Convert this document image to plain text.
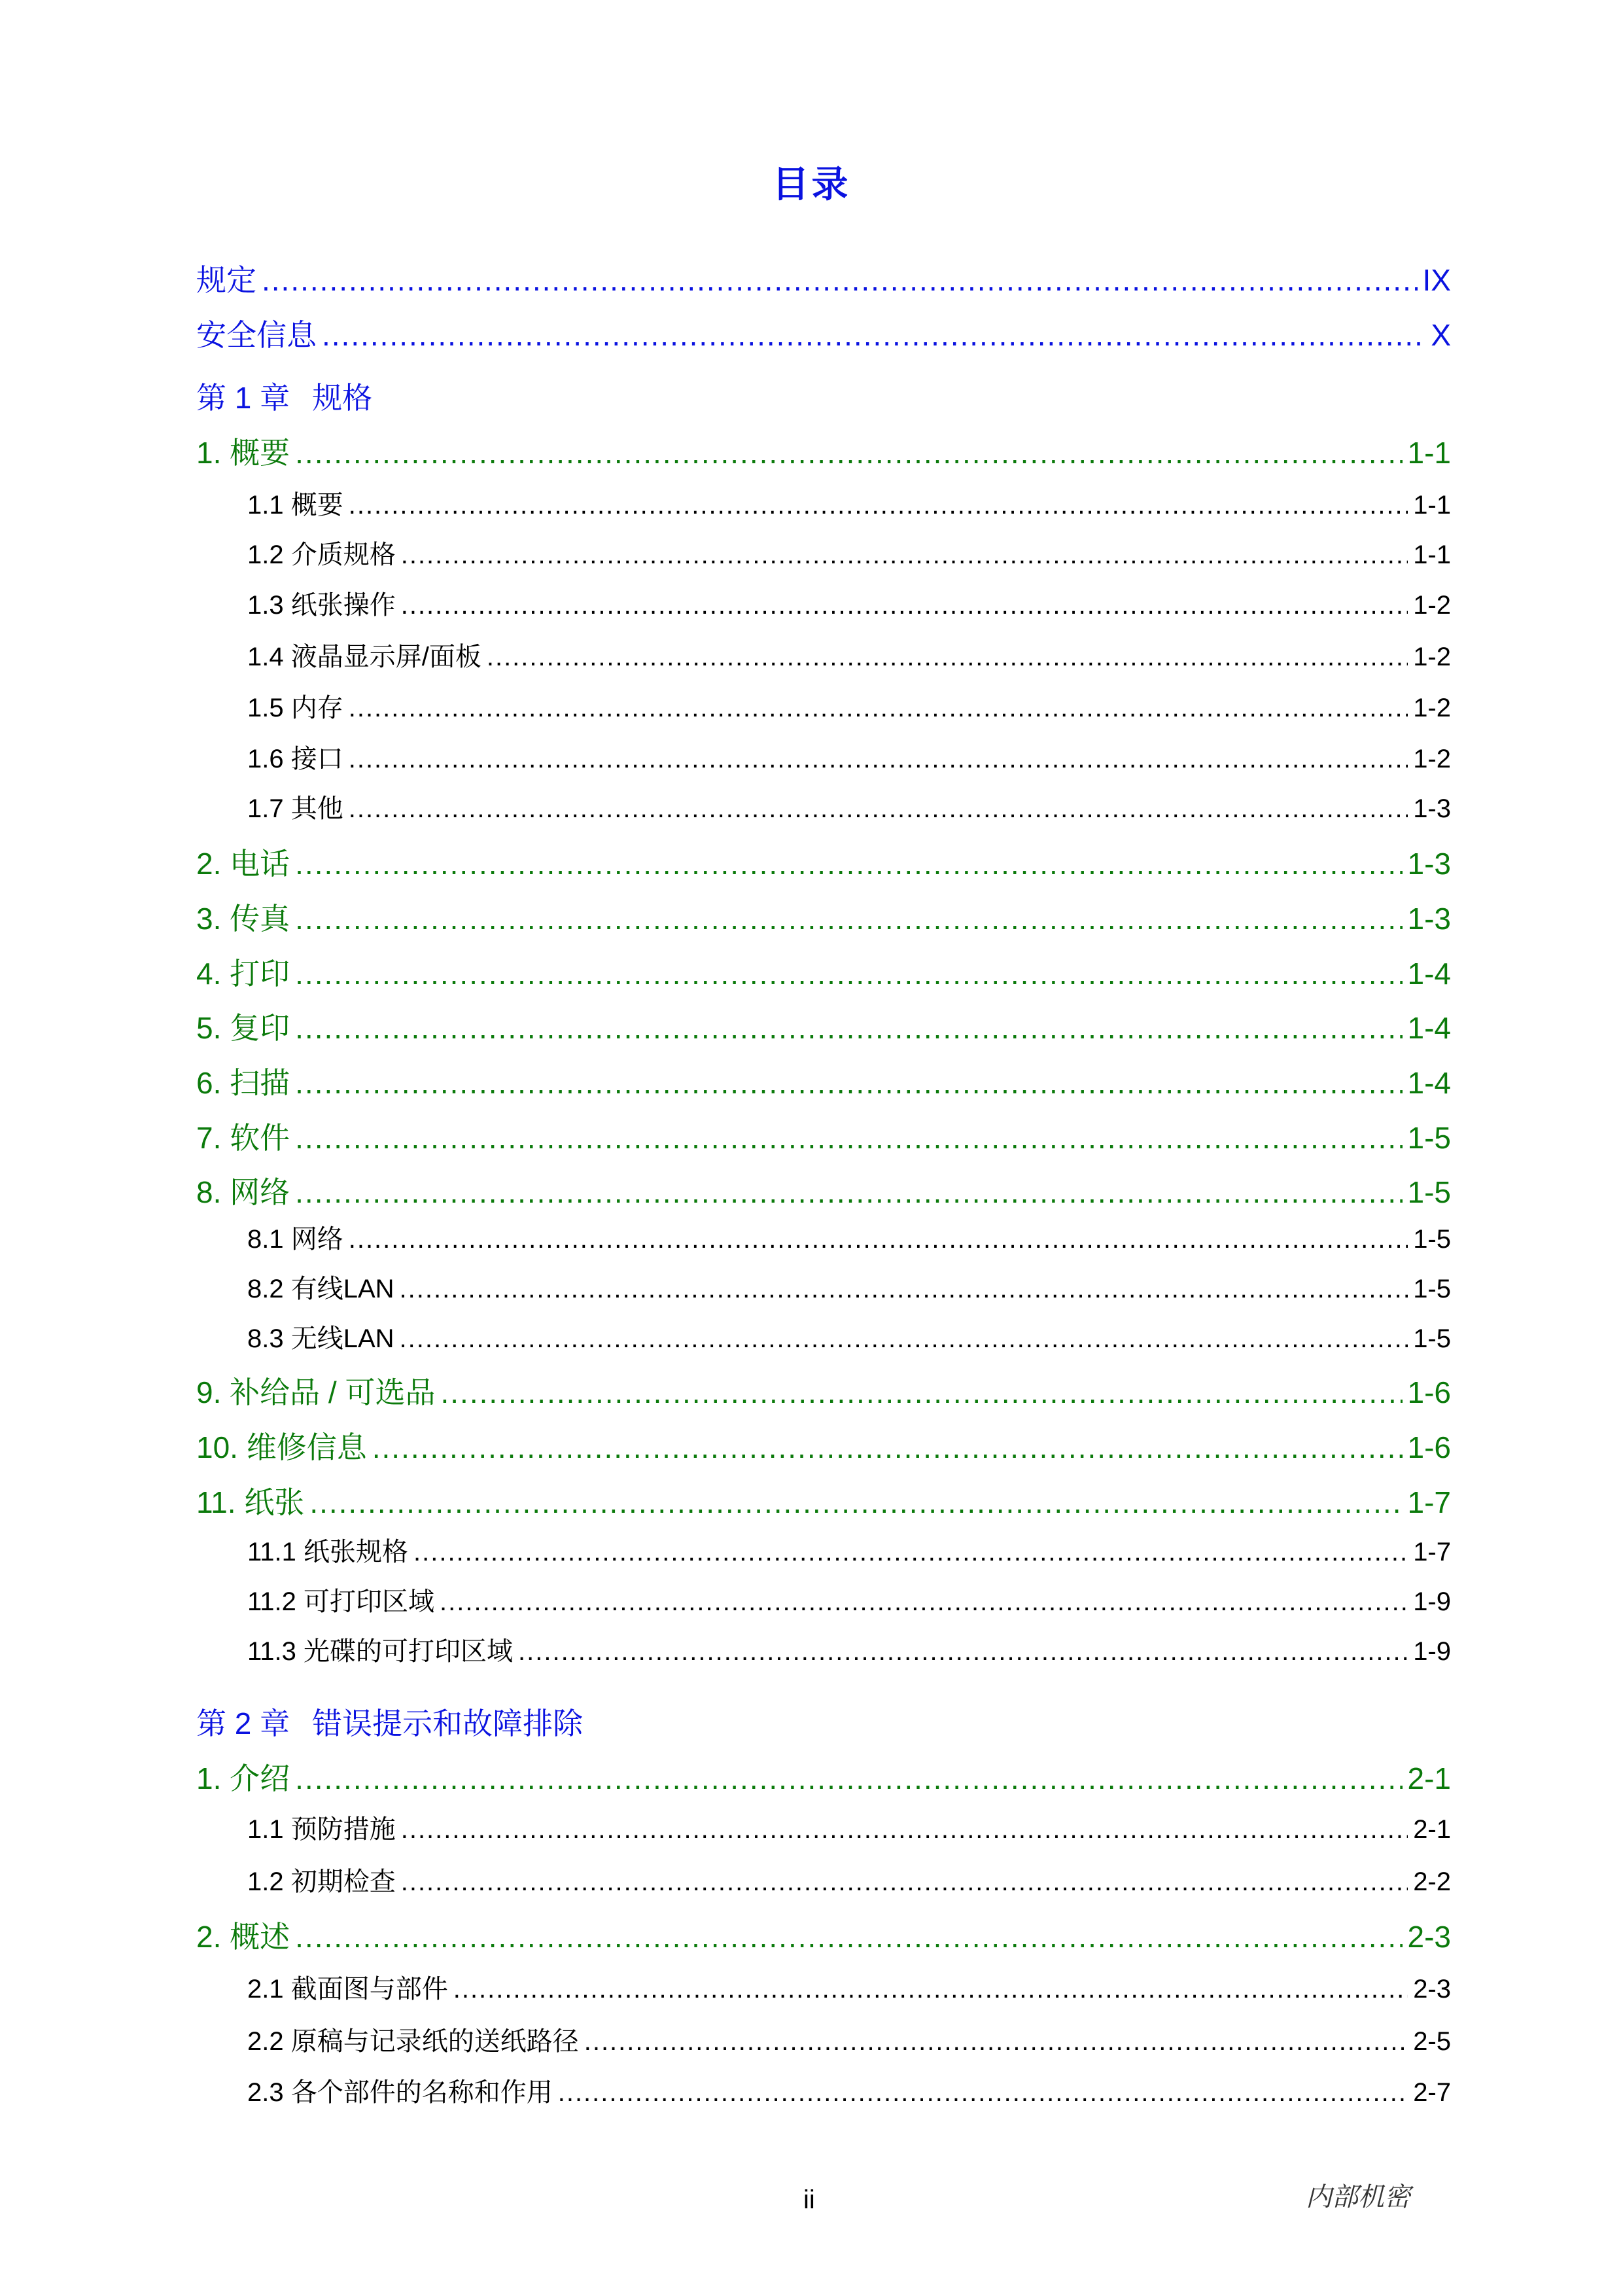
目录
规定 .....	IX
安全信息 .....	X
第 1 章 规格
1. 概要 .....	1-1
1.1 概要 .....	1-1
1.2 介质规格 .....	1-1
1.3 纸张操作 .....	1-2
1.4 液晶显示屏/面板 .....	1-2
1.5 内存 .....	1-2
1.6 接口 .....	1-2
1.7 其他 .....	1-3
2. 电话 .....	1-3
3. 传真 .....	1-3
4. 打印 .....	1-4
5. 复印 .....	1-4
6. 扫描 .....	1-4
7. 软件 .....	1-5
8. 网络 .....	1-5
8.1 网络 .....	1-5
8.2 有线LAN .....	1-5
8.3 无线LAN .....	1-5
9. 补给品 / 可选品 .....	1-6
10. 维修信息 .....	1-6
11. 纸张 .....	1-7
11.1 纸张规格 .....	1-7
11.2 可打印区域 .....	1-9
11.3 光碟的可打印区域 .....	1-9
第 2 章 错误提示和故障排除
1. 介绍 .....	2-1
1.1 预防措施 .....	2-1
1.2 初期检查 .....	2-2
2. 概述 .....	2-3
2.1 截面图与部件 .....	2-3
2.2 原稿与记录纸的送纸路径 .....	2-5
2.3 各个部件的名称和作用 .....	2-7
ii	内部机密
